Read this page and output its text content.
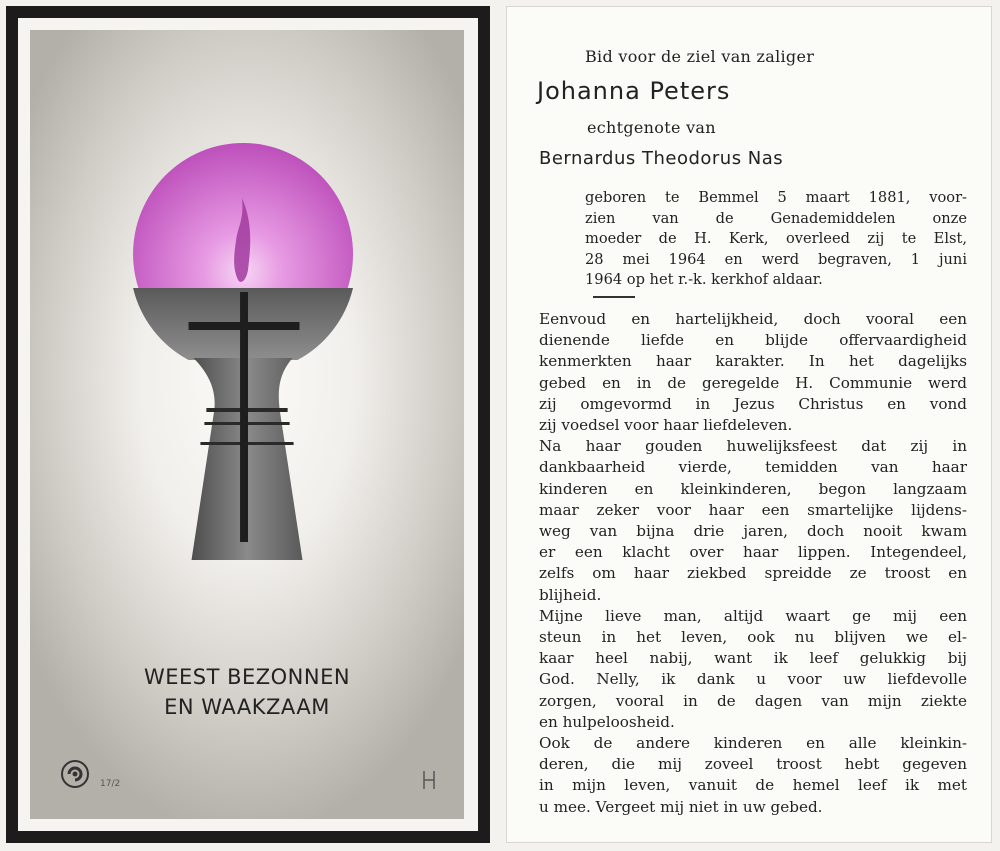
WEEST BEZONNEN
EN WAAKZAAM
17/2
Bid voor de ziel van zaliger
Johanna Peters
echtgenote van
Bernardus Theodorus Nas
geboren te Bemmel 5 maart 1881, voor-
zien van de Genademiddelen onze
moeder de H. Kerk, overleed zij te Elst,
28 mei 1964 en werd begraven, 1 juni
1964 op het r.-k. kerkhof aldaar.
Eenvoud en hartelijkheid, doch vooral een
dienende liefde en blijde offervaardigheid
kenmerkten haar karakter. In het dagelijks
gebed en in de geregelde H. Communie werd
zij omgevormd in Jezus Christus en vond
zij voedsel voor haar liefdeleven.
Na haar gouden huwelijksfeest dat zij in
dankbaarheid vierde, temidden van haar
kinderen en kleinkinderen, begon langzaam
maar zeker voor haar een smartelijke lijdens-
weg van bijna drie jaren, doch nooit kwam
er een klacht over haar lippen. Integendeel,
zelfs om haar ziekbed spreidde ze troost en
blijheid.
Mijne lieve man, altijd waart ge mij een
steun in het leven, ook nu blijven we el-
kaar heel nabij, want ik leef gelukkig bij
God. Nelly, ik dank u voor uw liefdevolle
zorgen, vooral in de dagen van mijn ziekte
en hulpeloosheid.
Ook de andere kinderen en alle kleinkin-
deren, die mij zoveel troost hebt gegeven
in mijn leven, vanuit de hemel leef ik met
u mee. Vergeet mij niet in uw gebed.
